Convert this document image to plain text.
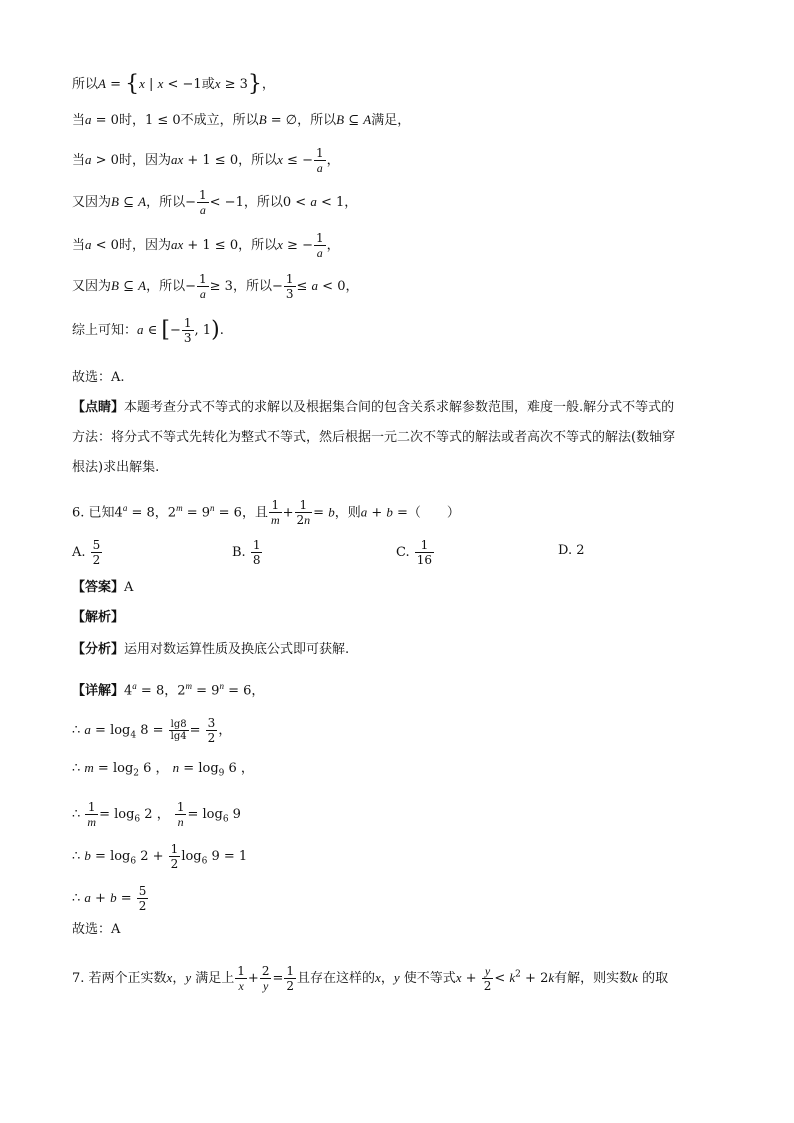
所以A = {x | x < −1或x ≥ 3}，
当a = 0时，1 ≤ 0不成立，所以B = ∅，所以B ⊆ A满足，
当a > 0时，因为ax + 1 ≤ 0，所以x ≤ − $\frac{1}{a}$ ，
又因为B ⊆ A，所以− $\frac{1}{a} < -1$，所以0 < a < 1，
当a < 0时，因为ax + 1 ≤ 0，所以x ≥ − $\frac{1}{a}$ ，
又因为B ⊆ A，所以− $\frac{1}{a} \ge 3$，所以− $\frac{1}{3} \le a < 0$，
综上可知：a ∈ [− $\frac{1}{3}$ , 1).
故选：A.
【点睛】本题考查分式不等式的求解以及根据集合间的包含关系求解参数范围，难度一般.解分式不等式的
方法：将分式不等式先转化为整式不等式，然后根据一元二次不等式的解法或者高次不等式的解法(数轴穿
根法)求出解集.
6. 已知$4^a = 8$，$2^m = 9^n = 6$，且 $\frac{1}{m} + \frac{1}{2n} = b$，则a + b =（　　）
A. $\frac{5}{2}$	B. $\frac{1}{8}$	C. $\frac{1}{16}$	D. 2
【答案】A
【解析】
【分析】运用对数运算性质及换底公式即可获解.
【详解】$4^a = 8$，$2^m = 9^n = 6$，
∴ $a = \log_4 8 = \frac{\lg 8}{\lg 4} = \frac{3}{2}$ ，
∴ $m = \log_2 6$ ， $n = \log_9 6$ ，
∴ $\frac{1}{m} = \log_6 2$ ， $\frac{1}{n} = \log_6 9$
∴ $b = \log_6 2 + \frac{1}{2} \log_6 9 = 1$
∴ $a + b = \frac{5}{2}$
故选：A
7. 若两个正实数x，y 满足上 $\frac{1}{x} + \frac{2}{y} = \frac{1}{2}$ 且存在这样的x，y 使不等式$x + \frac{y}{2} < k^2 + 2k$有解，则实数k 的取
